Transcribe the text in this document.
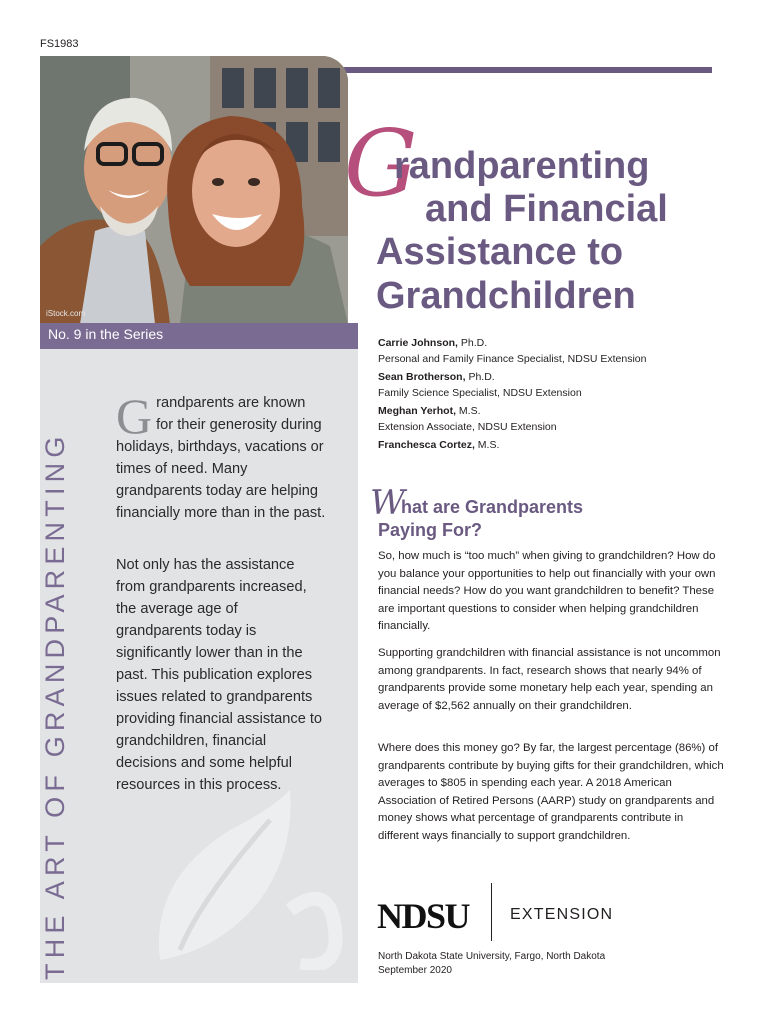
FS1983
iStock.com
G
randparenting
and Financial
Assistance to
Grandchildren
No. 9 in the Series
THE ART OF GRANDPARENTING
Grandparents are known for their generosity during holidays, birthdays, vacations or times of need. Many grandparents today are helping financially more than in the past.
Not only has the assistance from grandparents increased, the average age of grandparents today is significantly lower than in the past. This publication explores issues related to grandparents providing financial assistance to grandchildren, financial decisions and some helpful resources in this process.
Carrie Johnson, Ph.D.
Personal and Family Finance Specialist, NDSU Extension
Sean Brotherson, Ph.D.
Family Science Specialist, NDSU Extension
Meghan Yerhot, M.S.
Extension Associate, NDSU Extension
Franchesca Cortez, M.S.
W
hat are Grandparents
Paying For?
So, how much is “too much” when giving to grandchildren? How do you balance your opportunities to help out financially with your own financial needs? How do you want grandchildren to benefit? These are important questions to consider when helping grandchildren financially.
Supporting grandchildren with financial assistance is not uncommon among grandparents. In fact, research shows that nearly 94% of grandparents provide some monetary help each year, spending an average of $2,562 annually on their grandchildren.
Where does this money go? By far, the largest percentage (86%) of grandparents contribute by buying gifts for their grandchildren, which averages to $805 in spending each year. A 2018 American Association of Retired Persons (AARP) study on grandparents and money shows what percentage of grandparents contribute in different ways financially to support grandchildren.
NDSU	EXTENSION
North Dakota State University, Fargo, North Dakota
September 2020
